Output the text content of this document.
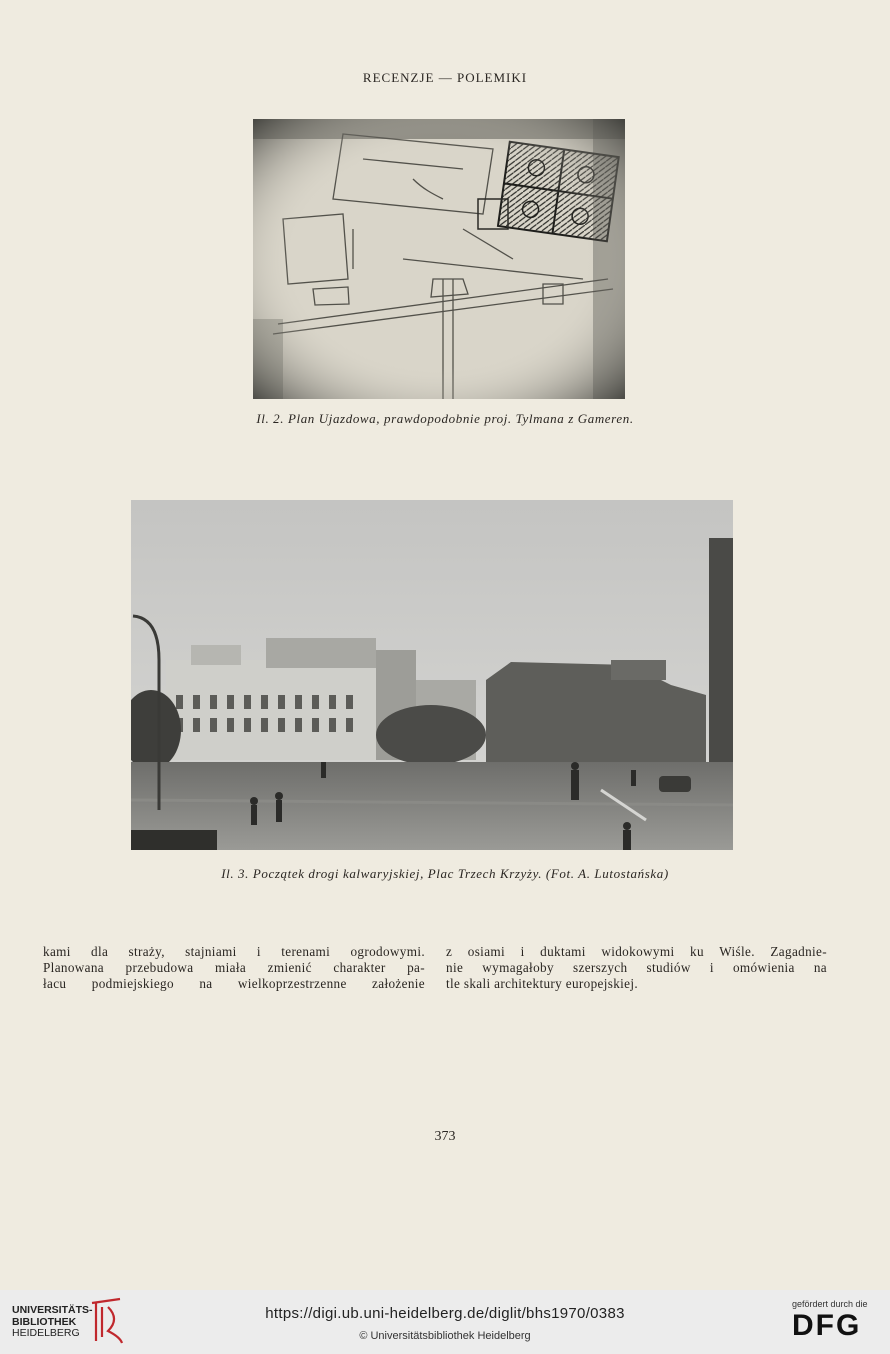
RECENZJE — POLEMIKI
Il. 2. Plan Ujazdowa, prawdopodobnie proj. Tylmana z Gameren.
Il. 3. Początek drogi kalwaryjskiej, Plac Trzech Krzyży. (Fot. A. Lutostańska)
kami dla straży, stajniami i terenami ogrodowymi.
Planowana przebudowa miała zmienić charakter pa-
łacu podmiejskiego na wielkoprzestrzenne założenie
z osiami i duktami widokowymi ku Wiśle. Zagadnie-
nie wymagałoby szerszych studiów i omówienia na
tle skali architektury europejskiej.
373
UNIVERSITÄTS-
BIBLIOTHEK
HEIDELBERG
https://digi.ub.uni-heidelberg.de/diglit/bhs1970/0383
© Universitätsbibliothek Heidelberg
gefördert durch die
DFG
